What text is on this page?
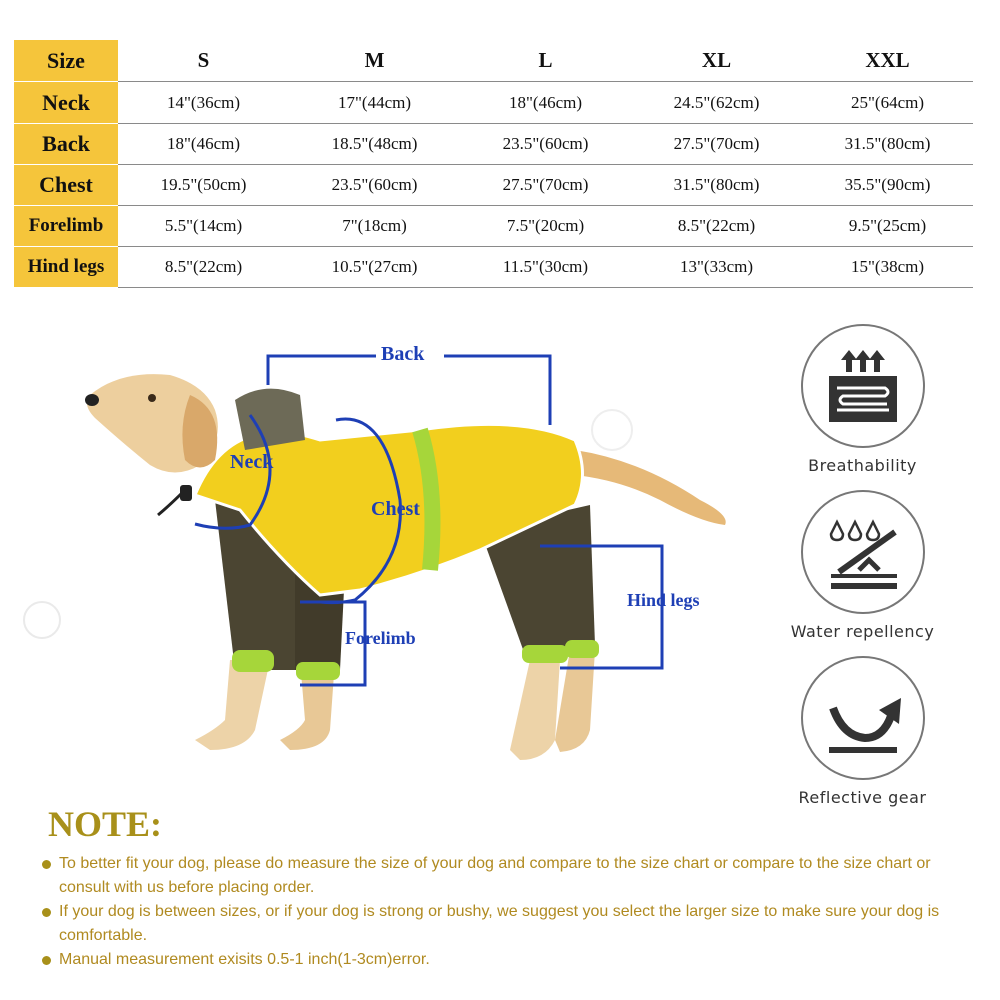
Size	S	M	L	XL	XXL
Neck	14"(36cm)	17"(44cm)	18"(46cm)	24.5"(62cm)	25"(64cm)
Back	18"(46cm)	18.5"(48cm)	23.5"(60cm)	27.5"(70cm)	31.5"(80cm)
Chest	19.5"(50cm)	23.5"(60cm)	27.5"(70cm)	31.5"(80cm)	35.5"(90cm)
Forelimb	5.5"(14cm)	7"(18cm)	7.5"(20cm)	8.5"(22cm)	9.5"(25cm)
Hind legs	8.5"(22cm)	10.5"(27cm)	11.5"(30cm)	13"(33cm)	15"(38cm)
Back
Neck
Chest
Forelimb
Hind legs
Breathability
Water repellency
Reflective gear
NOTE:
To better fit your dog, please do measure the size of your dog and compare to the size chart or compare to the size chart or consult with us before placing order.
If your dog is between sizes, or if your dog is strong or bushy, we suggest you select the larger size to make sure your dog is comfortable.
Manual measurement exisits 0.5-1 inch(1-3cm)error.
